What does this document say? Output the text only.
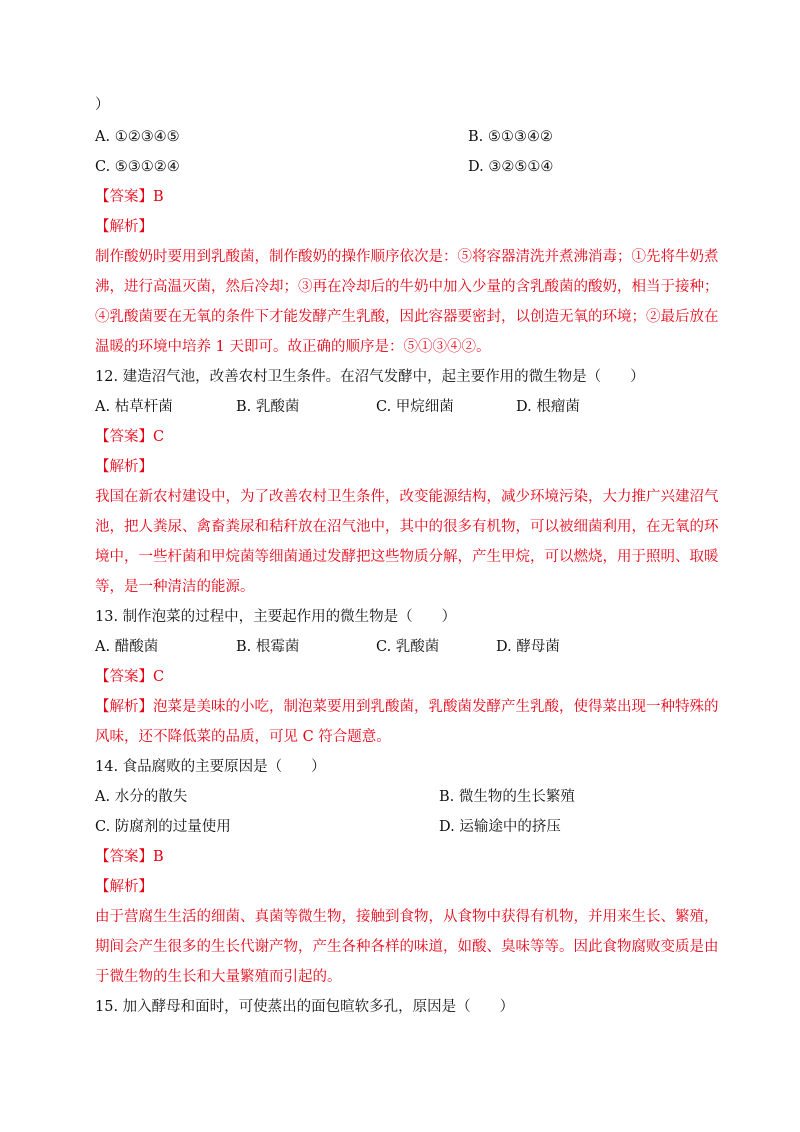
）
A. ①②③④⑤	B. ⑤①③④②
C. ⑤③①②④	D. ③②⑤①④
【答案】B
【解析】
制作酸奶时要用到乳酸菌，制作酸奶的操作顺序依次是：⑤将容器清洗并煮沸消毒；①先将牛奶煮
沸，进行高温灭菌，然后冷却；③再在冷却后的牛奶中加入少量的含乳酸菌的酸奶，相当于接种；
④乳酸菌要在无氧的条件下才能发酵产生乳酸，因此容器要密封，以创造无氧的环境；②最后放在
温暖的环境中培养 1 天即可。故正确的顺序是：⑤①③④②。
12. 建造沼气池，改善农村卫生条件。在沼气发酵中，起主要作用的微生物是（　　）
A. 枯草杆菌	B. 乳酸菌	C. 甲烷细菌	D. 根瘤菌
【答案】C
【解析】
我国在新农村建设中，为了改善农村卫生条件，改变能源结构，减少环境污染，大力推广兴建沼气
池，把人粪尿、禽畜粪尿和秸秆放在沼气池中，其中的很多有机物，可以被细菌利用，在无氧的环
境中，一些杆菌和甲烷菌等细菌通过发酵把这些物质分解，产生甲烷，可以燃烧，用于照明、取暖
等，是一种清洁的能源。
13. 制作泡菜的过程中，主要起作用的微生物是（　　）
A. 醋酸菌	B. 根霉菌	C. 乳酸菌	D. 酵母菌
【答案】C
【解析】泡菜是美味的小吃，制泡菜要用到乳酸菌，乳酸菌发酵产生乳酸，使得菜出现一种特殊的
风味，还不降低菜的品质，可见 C 符合题意。
14. 食品腐败的主要原因是（　　）
A. 水分的散失	B. 微生物的生长繁殖
C. 防腐剂的过量使用	D. 运输途中的挤压
【答案】B
【解析】
由于营腐生生活的细菌、真菌等微生物，接触到食物，从食物中获得有机物，并用来生长、繁殖，
期间会产生很多的生长代谢产物，产生各种各样的味道，如酸、臭味等等。因此食物腐败变质是由
于微生物的生长和大量繁殖而引起的。
15. 加入酵母和面时，可使蒸出的面包暄软多孔，原因是（　　）
